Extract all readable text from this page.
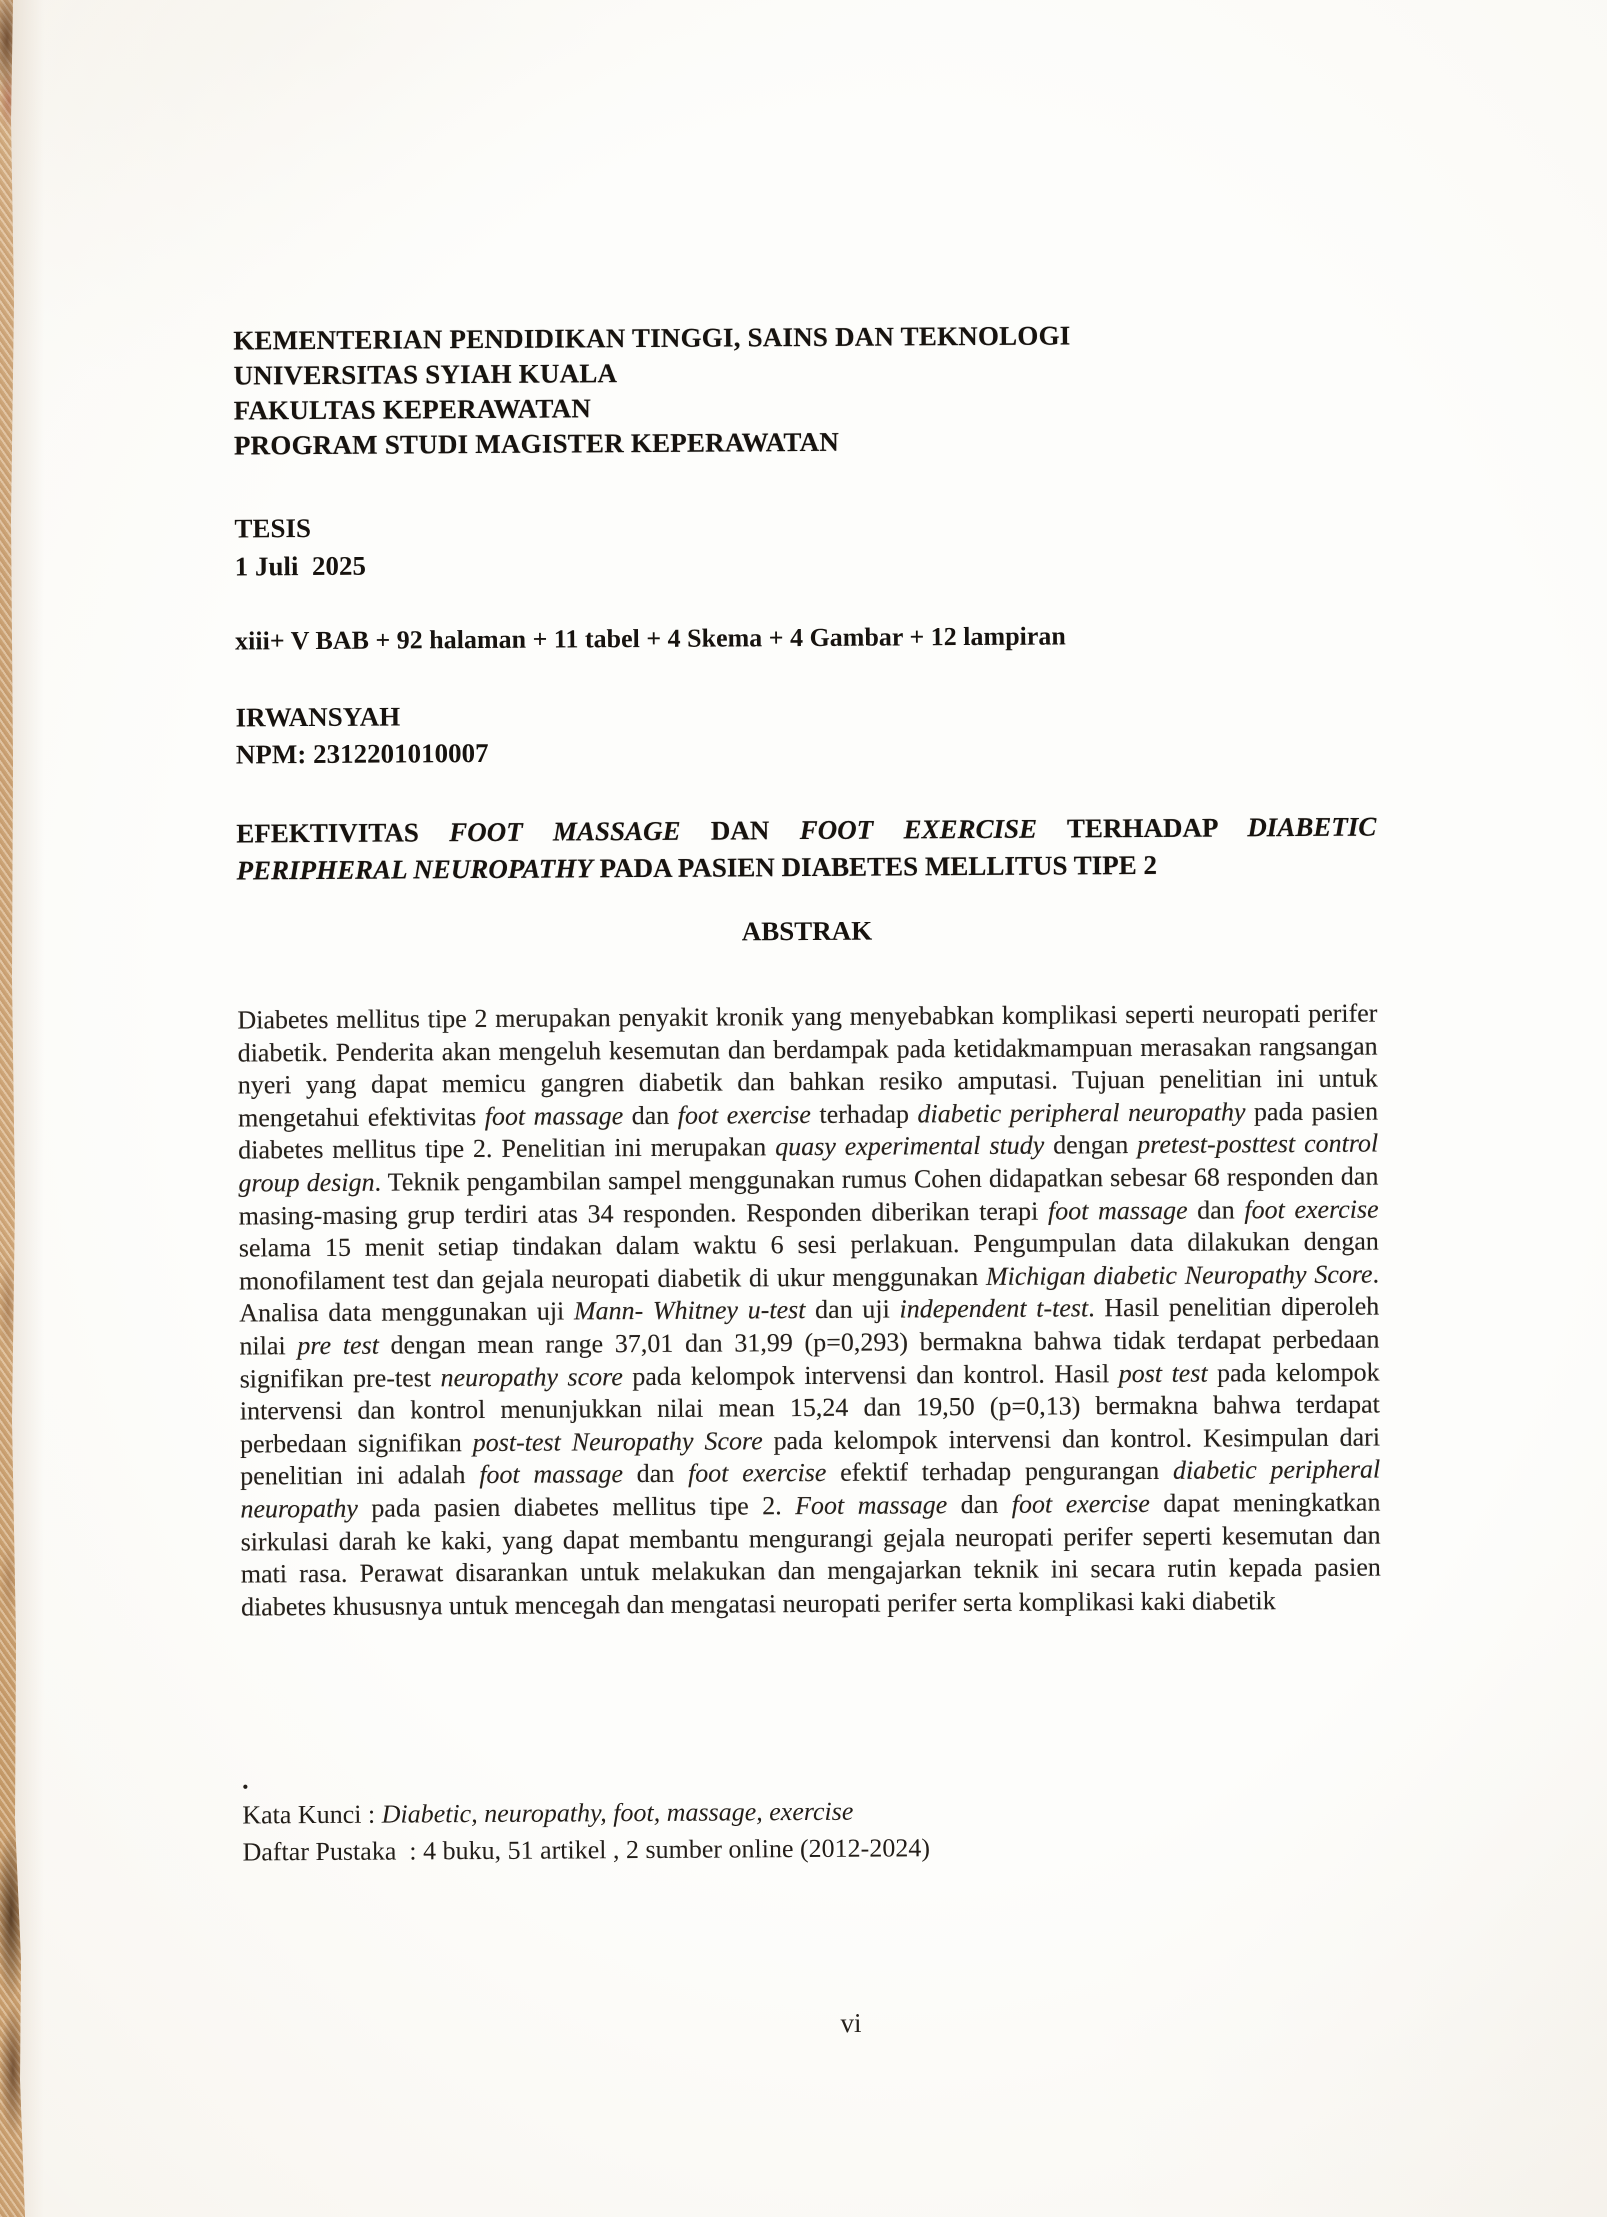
KEMENTERIAN PENDIDIKAN TINGGI, SAINS DAN TEKNOLOGI
UNIVERSITAS SYIAH KUALA
FAKULTAS KEPERAWATAN
PROGRAM STUDI MAGISTER KEPERAWATAN
TESIS
1 Juli  2025
xiii+ V BAB + 92 halaman + 11 tabel + 4 Skema + 4 Gambar + 12 lampiran
IRWANSYAH
NPM: 2312201010007
EFEKTIVITAS FOOT MASSAGE DAN FOOT EXERCISE TERHADAP DIABETIC
PERIPHERAL NEUROPATHY PADA PASIEN DIABETES MELLITUS TIPE 2
ABSTRAK

Diabetes mellitus tipe 2 merupakan penyakit kronik yang menyebabkan komplikasi seperti neuropati perifer diabetik. Penderita akan mengeluh kesemutan dan berdampak pada ketidakmampuan merasakan rangsangan nyeri yang dapat memicu gangren diabetik dan bahkan resiko amputasi. Tujuan penelitian ini untuk mengetahui efektivitas foot massage dan foot exercise terhadap diabetic peripheral neuropathy pada pasien diabetes mellitus tipe 2. Penelitian ini merupakan quasy experimental study dengan pretest-posttest control group design. Teknik pengambilan sampel menggunakan rumus Cohen didapatkan sebesar 68 responden dan masing-masing grup terdiri atas 34 responden. Responden diberikan terapi foot massage dan foot exercise selama 15 menit setiap tindakan dalam waktu 6 sesi perlakuan. Pengumpulan data dilakukan dengan monofilament test dan gejala neuropati diabetik di ukur menggunakan Michigan diabetic Neuropathy Score. Analisa data menggunakan uji Mann- Whitney u-test dan uji independent t-test. Hasil penelitian diperoleh nilai pre test dengan mean range 37,01 dan 31,99 (p=0,293) bermakna bahwa tidak terdapat perbedaan signifikan pre-test neuropathy score pada kelompok intervensi dan kontrol. Hasil post test pada kelompok intervensi dan kontrol menunjukkan nilai mean 15,24 dan 19,50 (p=0,13) bermakna bahwa terdapat perbedaan signifikan post-test Neuropathy Score pada kelompok intervensi dan kontrol. Kesimpulan dari penelitian ini adalah foot massage dan foot exercise efektif terhadap pengurangan diabetic peripheral neuropathy pada pasien diabetes mellitus tipe 2. Foot massage dan foot exercise dapat meningkatkan sirkulasi darah ke kaki, yang dapat membantu mengurangi gejala neuropati perifer seperti kesemutan dan mati rasa. Perawat disarankan untuk melakukan dan mengajarkan teknik ini secara rutin kepada pasien diabetes khususnya untuk mencegah dan mengatasi neuropati perifer serta komplikasi kaki diabetik

.
Kata Kunci : Diabetic, neuropathy, foot, massage, exercise
Daftar Pustaka  : 4 buku, 51 artikel , 2 sumber online (2012-2024)
vi
